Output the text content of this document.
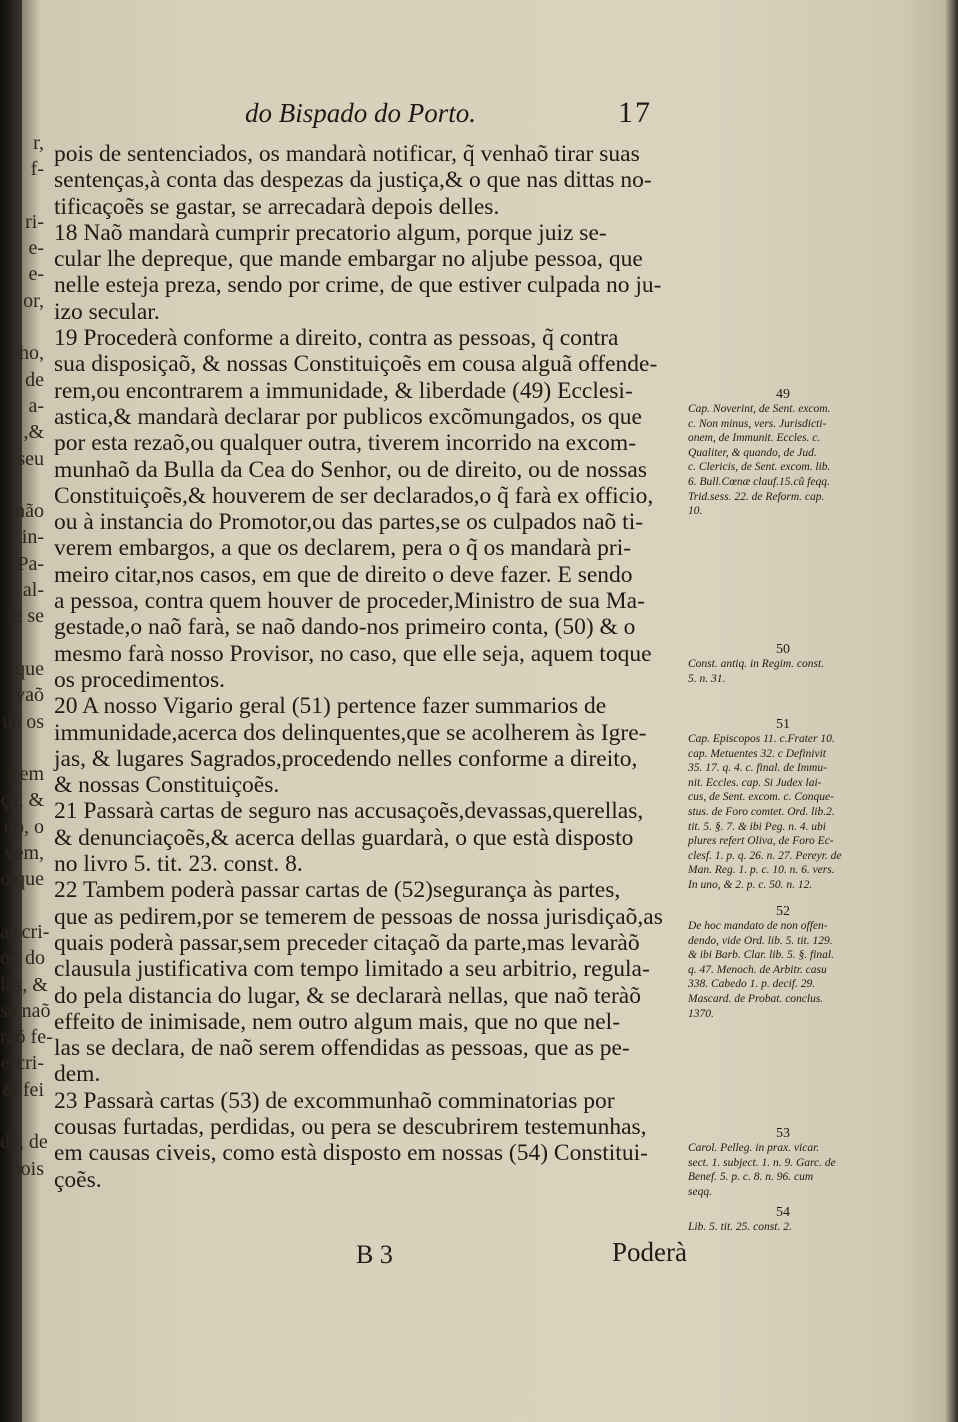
r,
f-
ri-
e-
e-
or,
ho,
de
a-
,&
seu
não
in-
Pa-
al-
e se
que
,vaõ
ue os
s,em
ça, &
do, o
vem,
o que
as cri-
ou do
las, &
se naõ
raõ fe-
efcri-
& fei
de, de
pois
do Bispado do Porto.	17
pois de sentenciados, os mandarà notificar, q̃ venhaõ tirar suas
sentenças,à conta das despezas da justiça,& o que nas dittas no-
tificaçoẽs se gastar, se arrecadarà depois delles.
18 Naõ mandarà cumprir precatorio algum, porque juiz se-
cular lhe depreque, que mande embargar no aljube pessoa, que
nelle esteja preza, sendo por crime, de que estiver culpada no ju-
izo secular.
19 Procederà conforme a direito, contra as pessoas, q̃ contra
sua disposiçaõ, & nossas Constituiçoẽs em cousa alguã offende-
rem,ou encontrarem a immunidade, & liberdade (49) Ecclesi-
astica,& mandarà declarar por publicos excõmungados, os que
por esta rezaõ,ou qualquer outra, tiverem incorrido na excom-
munhaõ da Bulla da Cea do Senhor, ou de direito, ou de nossas
Constituiçoẽs,& houverem de ser declarados,o q̃ farà ex officio,
ou à instancia do Promotor,ou das partes,se os culpados naõ ti-
verem embargos, a que os declarem, pera o q̃ os mandarà pri-
meiro citar,nos casos, em que de direito o deve fazer. E sendo
a pessoa, contra quem houver de proceder,Ministro de sua Ma-
gestade,o naõ farà, se naõ dando-nos primeiro conta, (50) & o
mesmo farà nosso Provisor, no caso, que elle seja, aquem toque
os procedimentos.
20 A nosso Vigario geral (51) pertence fazer summarios de
immunidade,acerca dos delinquentes,que se acolherem às Igre-
jas, & lugares Sagrados,procedendo nelles conforme a direito,
& nossas Constituiçoẽs.
21 Passarà cartas de seguro nas accusaçoẽs,devassas,querellas,
& denunciaçoẽs,& acerca dellas guardarà, o que està disposto
no livro 5. tit. 23. const. 8.
22 Tambem poderà passar cartas de (52)segurança às partes,
que as pedirem,por se temerem de pessoas de nossa jurisdiçaõ,as
quais poderà passar,sem preceder citaçaõ da parte,mas levaràõ
clausula justificativa com tempo limitado a seu arbitrio, regula-
do pela distancia do lugar, & se declararà nellas, que naõ teràõ
effeito de inimisade, nem outro algum mais, que no que nel-
las se declara, de naõ serem offendidas as pessoas, que as pe-
dem.
23 Passarà cartas (53) de excommunhaõ comminatorias por
cousas furtadas, perdidas, ou pera se descubrirem testemunhas,
em causas civeis, como està disposto em nossas (54) Constitui-
çoẽs.
49
Cap. Noverint, de Sent. excom.
c. Non minus, vers. Jurisdicti-
onem, de Immunit. Eccles. c.
Qualiter, & quando, de Jud.
c. Clericis, de Sent. excom. lib.
6. Bull.Cœnæ clauf.15.cũ feqq.
Trid.sess. 22. de Reform. cap.
10.
50
Const. antiq. in Regim. const.
5. n. 31.
51
Cap. Episcopos 11. c.Frater 10.
cap. Metuentes 32. c Definivit
35. 17. q. 4. c. final. de Immu-
nit. Eccles. cap. Si Judex lai-
cus, de Sent. excom. c. Conque-
stus. de Foro comtet. Ord. lib.2.
tit. 5. §. 7. & ibi Peg. n. 4. ubi
plures refert Oliva, de Foro Ec-
clesf. 1. p. q. 26. n. 27. Pereyr. de
Man. Reg. 1. p. c. 10. n. 6. vers.
In uno, & 2. p. c. 50. n. 12.
52
De hoc mandato de non offen-
dendo, vide Ord. lib. 5. tit. 129.
& ibi Barb. Clar. lib. 5. §. final.
q. 47. Menoch. de Arbitr. casu
338. Cabedo 1. p. decif. 29.
Mascard. de Probat. conclus.
1370.
53
Carol. Pelleg. in prax. vicar.
sect. 1. subject. 1. n. 9. Garc. de
Benef. 5. p. c. 8. n. 96. cum
seqq.
54
Lib. 5. tit. 25. const. 2.
B 3	Poderà
